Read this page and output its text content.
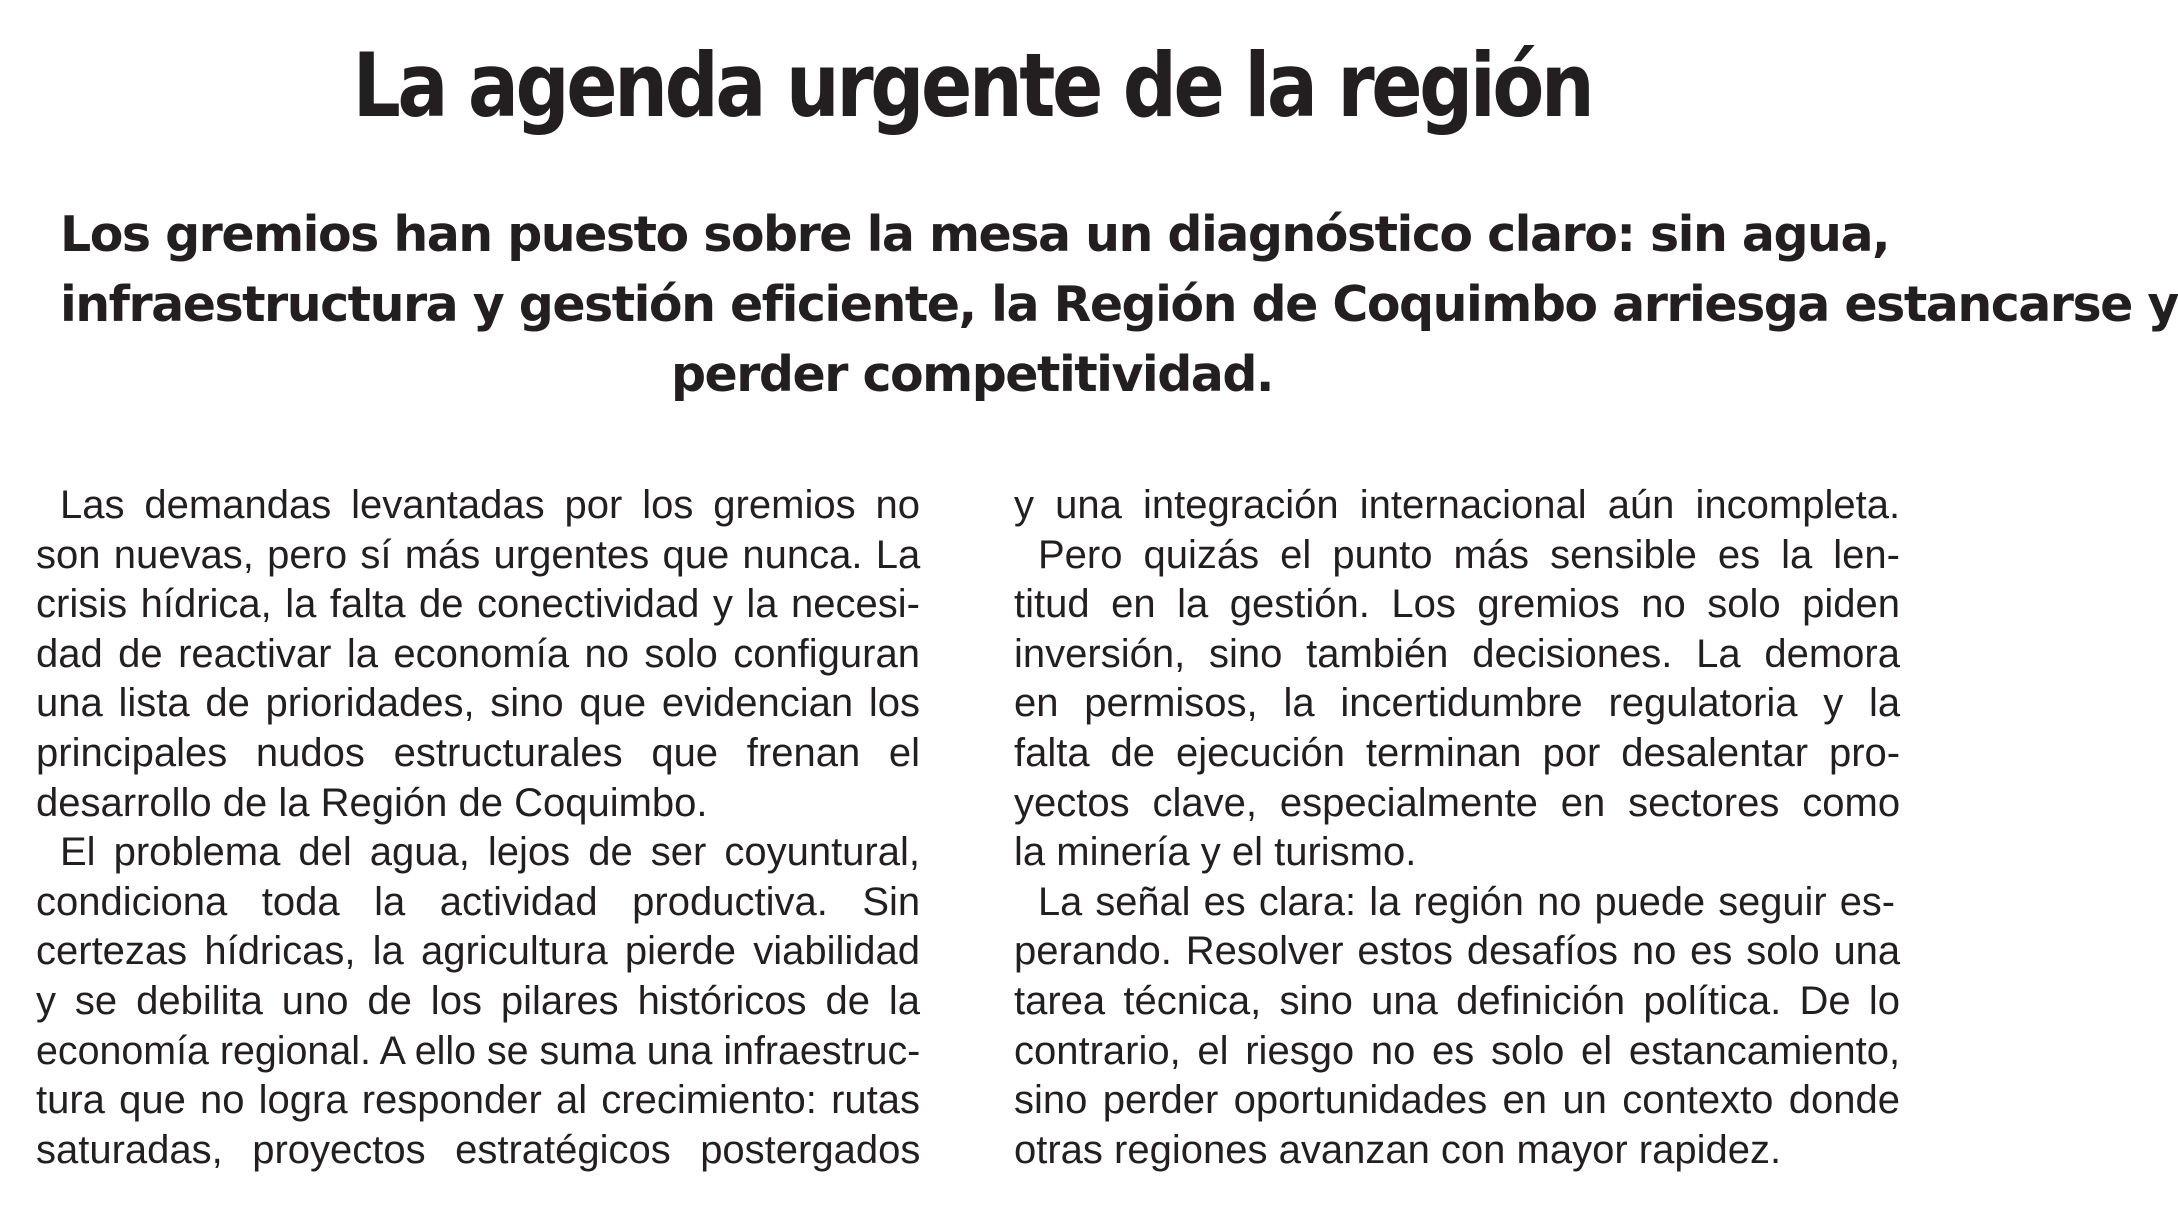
La agenda urgente de la región
Los gremios han puesto sobre la mesa un diagnóstico claro: sin agua,
infraestructura y gestión eficiente, la Región de Coquimbo arriesga estancarse y
perder competitividad.
Las demandas levantadas por los gremios no
son nuevas, pero sí más urgentes que nunca. La
crisis hídrica, la falta de conectividad y la necesi-
dad de reactivar la economía no solo configuran
una lista de prioridades, sino que evidencian los
principales nudos estructurales que frenan el
desarrollo de la Región de Coquimbo.
El problema del agua, lejos de ser coyuntural,
condiciona toda la actividad productiva. Sin
certezas hídricas, la agricultura pierde viabilidad
y se debilita uno de los pilares históricos de la
economía regional. A ello se suma una infraestruc-
tura que no logra responder al crecimiento: rutas
saturadas, proyectos estratégicos postergados
y una integración internacional aún incompleta.
Pero quizás el punto más sensible es la len-
titud en la gestión. Los gremios no solo piden
inversión, sino también decisiones. La demora
en permisos, la incertidumbre regulatoria y la
falta de ejecución terminan por desalentar pro-
yectos clave, especialmente en sectores como
la minería y el turismo.
La señal es clara: la región no puede seguir es-
perando. Resolver estos desafíos no es solo una
tarea técnica, sino una definición política. De lo
contrario, el riesgo no es solo el estancamiento,
sino perder oportunidades en un contexto donde
otras regiones avanzan con mayor rapidez.
